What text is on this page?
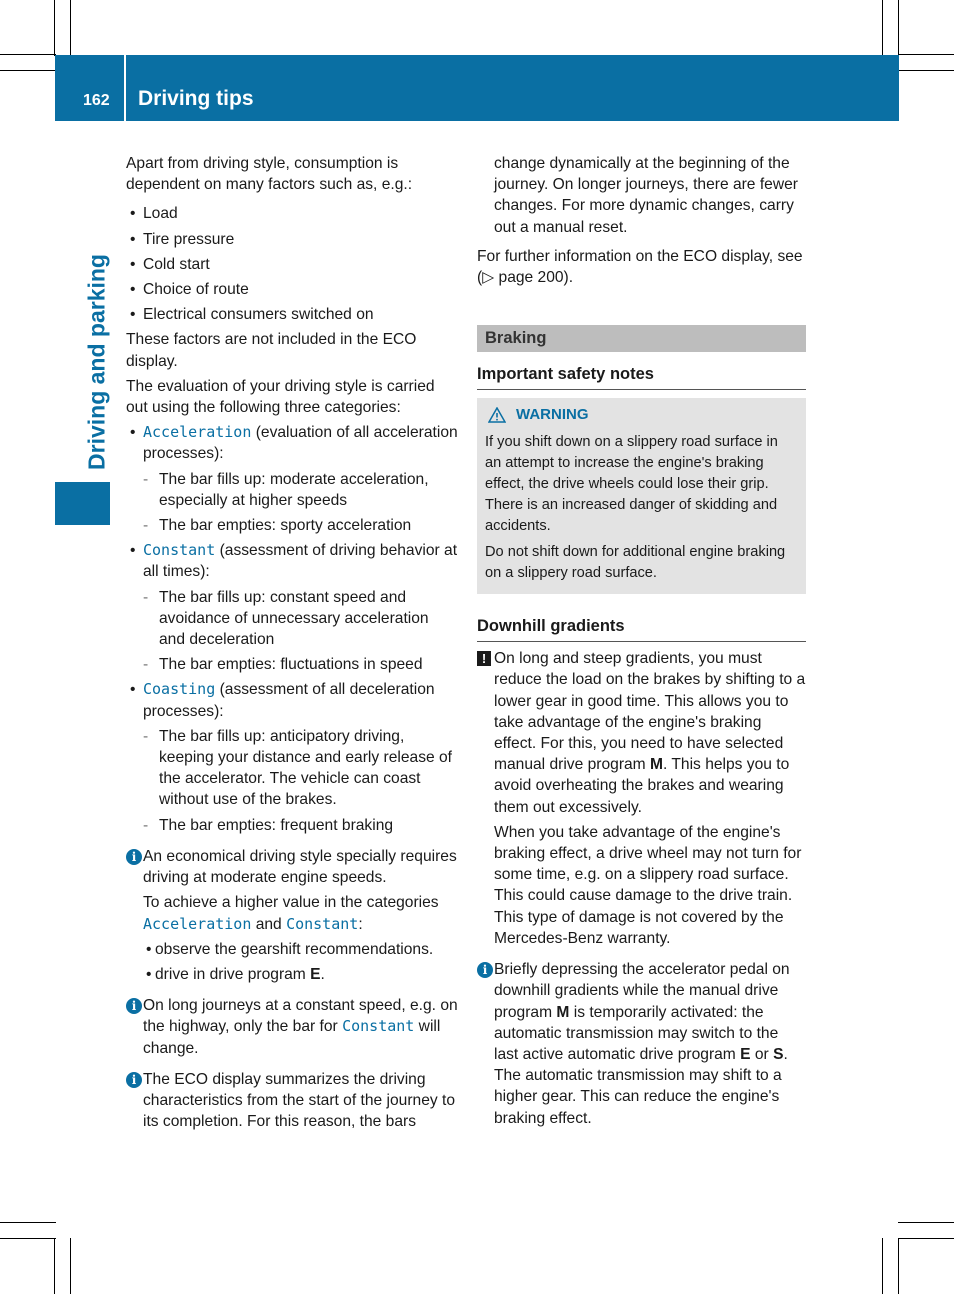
162 Driving tips
Driving and parking

Apart from driving style, consumption is dependent on many factors such as, e.g.:

• Load
• Tire pressure
• Cold start
• Choice of route
• Electrical consumers switched on

These factors are not included in the ECO display.

The evaluation of your driving style is carried out using the following three categories:

• Acceleration (evaluation of all acceleration processes):
- The bar fills up: moderate acceleration, especially at higher speeds
- The bar empties: sporty acceleration
• Constant (assessment of driving behavior at all times):
- The bar fills up: constant speed and avoidance of unnecessary acceleration and deceleration
- The bar empties: fluctuations in speed
• Coasting (assessment of all deceleration processes):
- The bar fills up: anticipatory driving, keeping your distance and early release of the accelerator. The vehicle can coast without use of the brakes.
- The bar empties: frequent braking
i An economical driving style specially requires driving at moderate engine speeds.

To achieve a higher value in the categories Acceleration and Constant:

• observe the gearshift recommendations.
• drive in drive program E.
i On long journeys at a constant speed, e.g. on the highway, only the bar for Constant will change.

i The ECO display summarizes the driving characteristics from the start of the journey to its completion. For this reason, the bars

change dynamically at the beginning of the journey. On longer journeys, there are fewer changes. For more dynamic changes, carry out a manual reset.

For further information on the ECO display, see (▷ page 200).

Braking
Important safety notes
WARNING

If you shift down on a slippery road surface in an attempt to increase the engine's braking effect, the drive wheels could lose their grip. There is an increased danger of skidding and accidents.

Do not shift down for additional engine braking on a slippery road surface.

Downhill gradients
! On long and steep gradients, you must reduce the load on the brakes by shifting to a lower gear in good time. This allows you to take advantage of the engine's braking effect. For this, you need to have selected manual drive program M. This helps you to avoid overheating the brakes and wearing them out excessively.

When you take advantage of the engine's braking effect, a drive wheel may not turn for some time, e.g. on a slippery road surface. This could cause damage to the drive train. This type of damage is not covered by the Mercedes-Benz warranty.

i Briefly depressing the accelerator pedal on downhill gradients while the manual drive program M is temporarily activated: the automatic transmission may switch to the last active automatic drive program E or S. The automatic transmission may shift to a higher gear. This can reduce the engine's braking effect.
